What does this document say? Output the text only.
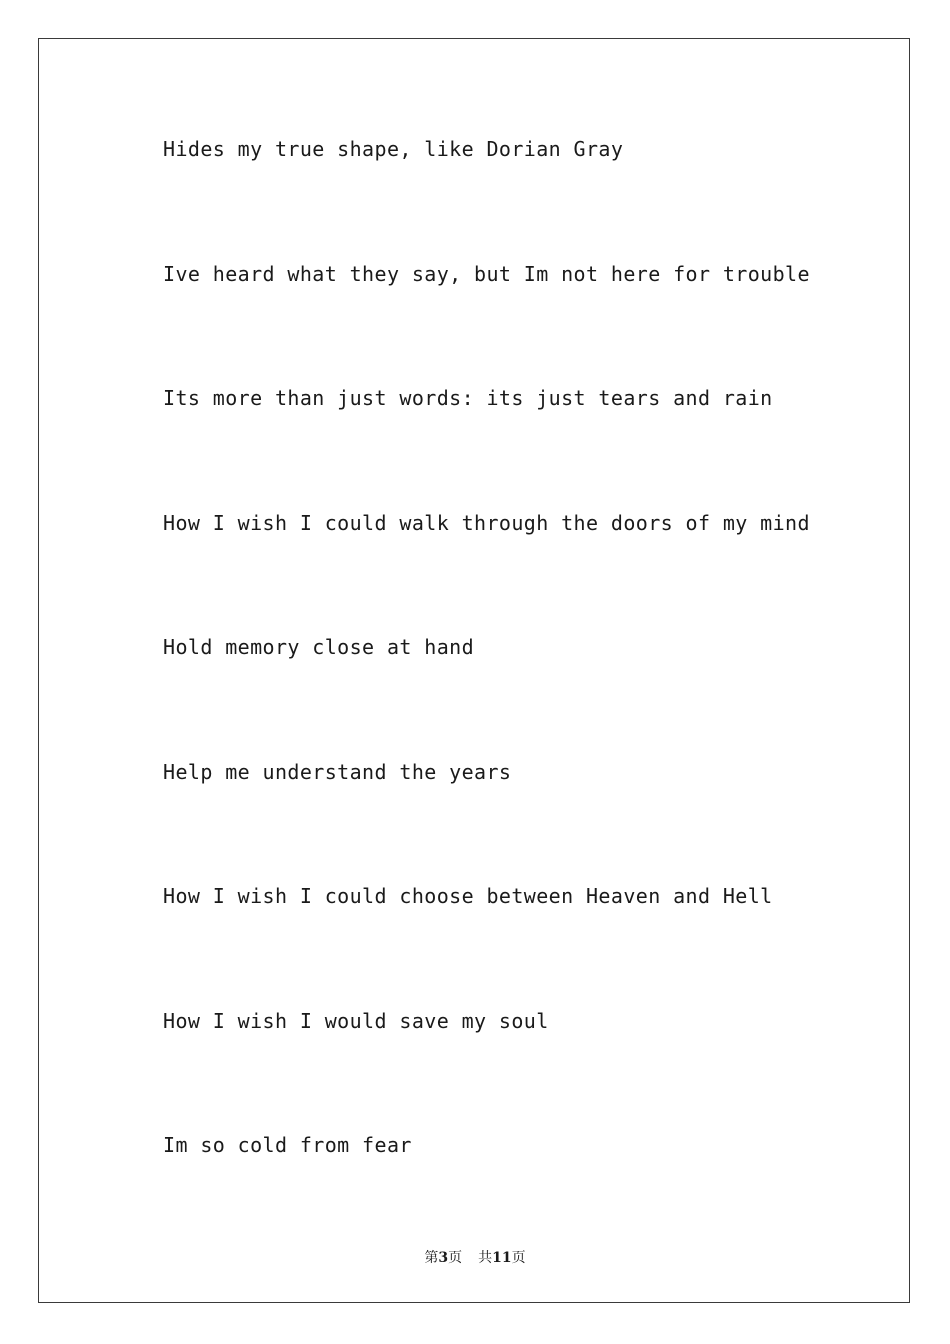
Hides my true shape, like Dorian Gray
Ive heard what they say, but Im not here for trouble
Its more than just words: its just tears and rain
How I wish I could walk through the doors of my mind
Hold memory close at hand
Help me understand the years
How I wish I could choose between Heaven and Hell
How I wish I would save my soul
Im so cold from fear
第3页 共11页
